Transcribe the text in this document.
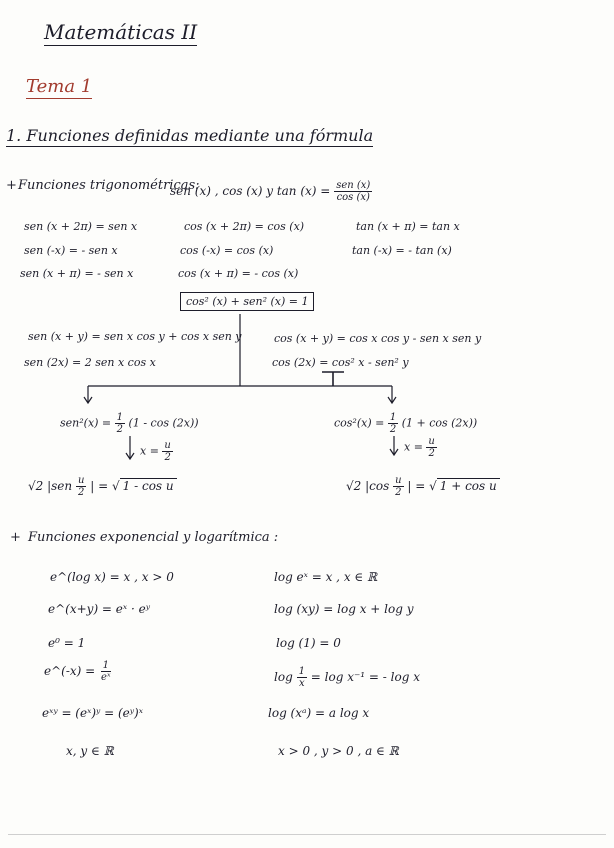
Matemáticas II
Tema 1
1. Funciones definidas mediante una fórmula
+ Funciones trigonométricas:
sen (x) , cos (x) y $\tan (x) = \frac{\text{sen (x)}}{\cos (x)}$
sen (x + 2π) = sen x
sen (-x) = - sen x
sen (x + π) = - sen x
cos (x + 2π) = cos (x)
cos (-x) = cos (x)
cos (x + π) = - cos (x)
tan (x + π) = tan x
tan (-x) = - tan (x)
cos² (x) + sen² (x) = 1
sen (x + y) = sen x cos y + cos x sen y
sen (2x) = 2 sen x cos x
cos (x + y) = cos x cos y - sen x sen y
cos (2x) = cos² x - sen² y
$sen^2(x) = \frac{1}{2} (1 - \cos (2x))$
$x = \frac{u}{2}$
√2 $|sen \frac{u}{2}$ | = √ 1 - cos u
$\cos^2(x) = \frac{1}{2} (1 + \cos (2x))$
$x = \frac{u}{2}$
√2 $|\cos \frac{u}{2}$ | = √ 1 + cos u
+ Funciones exponencial y logarítmica :
e^(log x) = x , x > 0
e^(x+y) = eˣ · eʸ
e⁰ = 1
e^(-x) = $\frac{1}{\text{eˣ}}$
eˣʸ = (eˣ)ʸ = (eʸ)ˣ
x, y ∈ ℝ
log eˣ = x , x ∈ ℝ
log (xy) = log x + log y
log (1) = 0
$\log \frac{1}{x} = \log x^{-1}$ = - log x
log (xᵃ) = a log x
x > 0 , y > 0 , a ∈ ℝ
